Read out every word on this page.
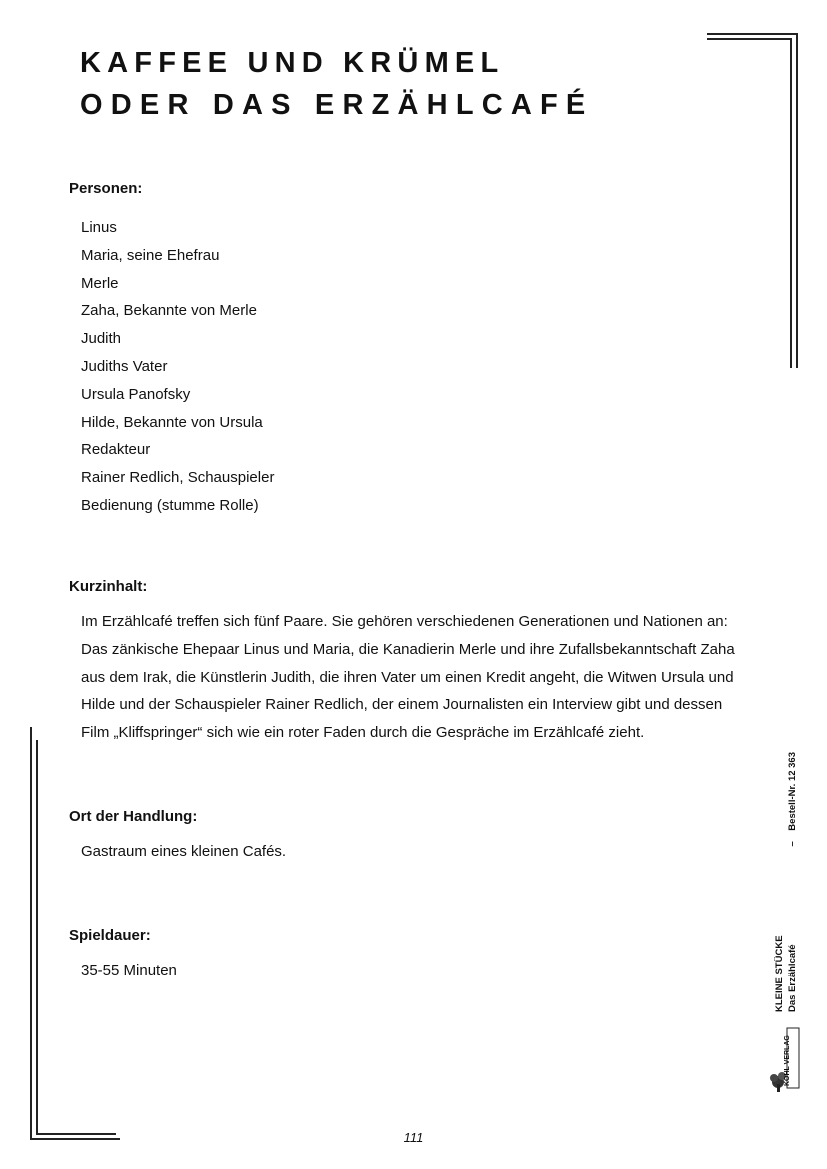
KAFFEE UND KRÜMEL
ODER DAS ERZÄHLCAFÉ
Personen:
Linus
Maria, seine Ehefrau
Merle
Zaha, Bekannte von Merle
Judith
Judiths Vater
Ursula Panofsky
Hilde, Bekannte von Ursula
Redakteur
Rainer Redlich, Schauspieler
Bedienung (stumme Rolle)
Kurzinhalt:

Im Erzählcafé treffen sich fünf Paare. Sie gehören verschiedenen Generationen und Nationen an:
Das zänkische Ehepaar Linus und Maria, die Kanadierin Merle und ihre Zufallsbekanntschaft Zaha
aus dem Irak, die Künstlerin Judith, die ihren Vater um einen Kredit angeht, die Witwen Ursula und
Hilde und der Schauspieler Rainer Redlich, der einem Journalisten ein Interview gibt und dessen
Film „Kliffspringer“ sich wie ein roter Faden durch die Gespräche im Erzählcafé zieht.

Ort der Handlung:

Gastraum eines kleinen Cafés.

Spieldauer:

35-55 Minuten

111
KLEINE STÜCKE Das Erzählcafé
–    Bestell-Nr. 12 363
KOHL VERLAG
